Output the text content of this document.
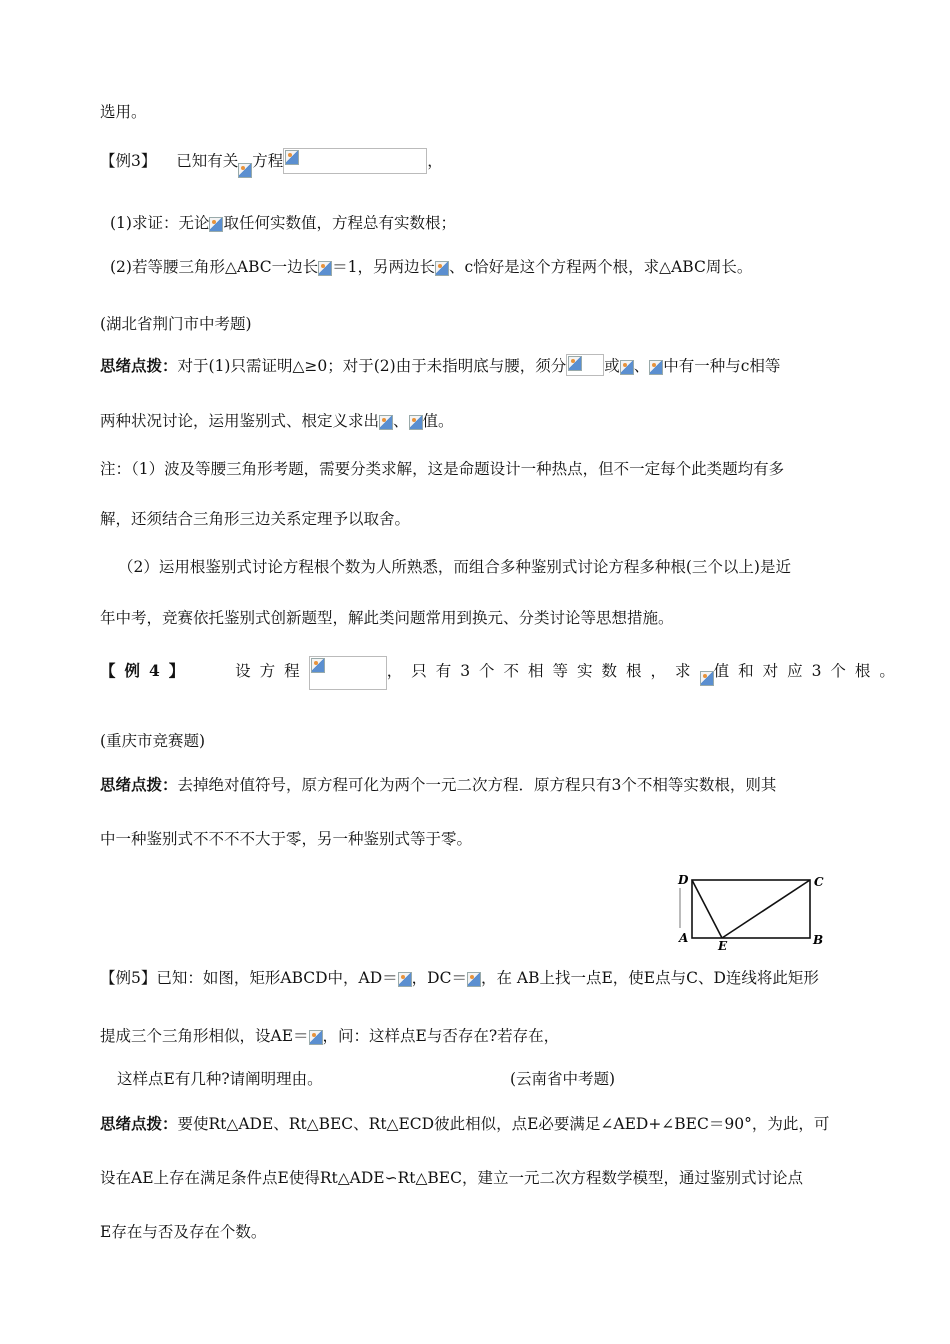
选用。
【例3】 已知有关 方程	，
(1)求证：无论 取任何实数值，方程总有实数根；
(2)若等腰三角形△ABC一边长 ＝1，另两边长 、c恰好是这个方程两个根，求△ABC周长。
(湖北省荆门市中考题)
思绪点拨：对于(1)只需证明△≥0；对于(2)由于未指明底与腰，须分 或 、 中有一种与c相等
两种状况讨论，运用鉴别式、根定义求出 、 值。
注：（1）波及等腰三角形考题，需要分类求解，这是命题设计一种热点，但不一定每个此类题均有多
解，还须结合三角形三边关系定理予以取舍。
（2）运用根鉴别式讨论方程根个数为人所熟悉，而组合多种鉴别式讨论方程多种根(三个以上)是近
年中考，竞赛依托鉴别式创新题型，解此类问题常用到换元、分类讨论等思想措施。
【例4】	设方程	，只有3个不相等实数根，求 值和对应3个根。
(重庆市竞赛题)
思绪点拨：去掉绝对值符号，原方程可化为两个一元二次方程．原方程只有3个不相等实数根，则其
中一种鉴别式不不不不大于零，另一种鉴别式等于零。
D	C
A
E	B
【例5】已知：如图，矩形ABCD中，AD＝ ，DC＝ ，在 AB上找一点E，使E点与C、D连线将此矩形
提成三个三角形相似，设AE＝ ，问：这样点E与否存在?若存在，
这样点E有几种?请阐明理由。	(云南省中考题)
思绪点拨：要使Rt△ADE、Rt△BEC、Rt△ECD彼此相似，点E必要满足∠AED+∠BEC＝90°，为此，可
设在AE上存在满足条件点E使得Rt△ADE∽Rt△BEC，建立一元二次方程数学模型，通过鉴别式讨论点
E存在与否及存在个数。
